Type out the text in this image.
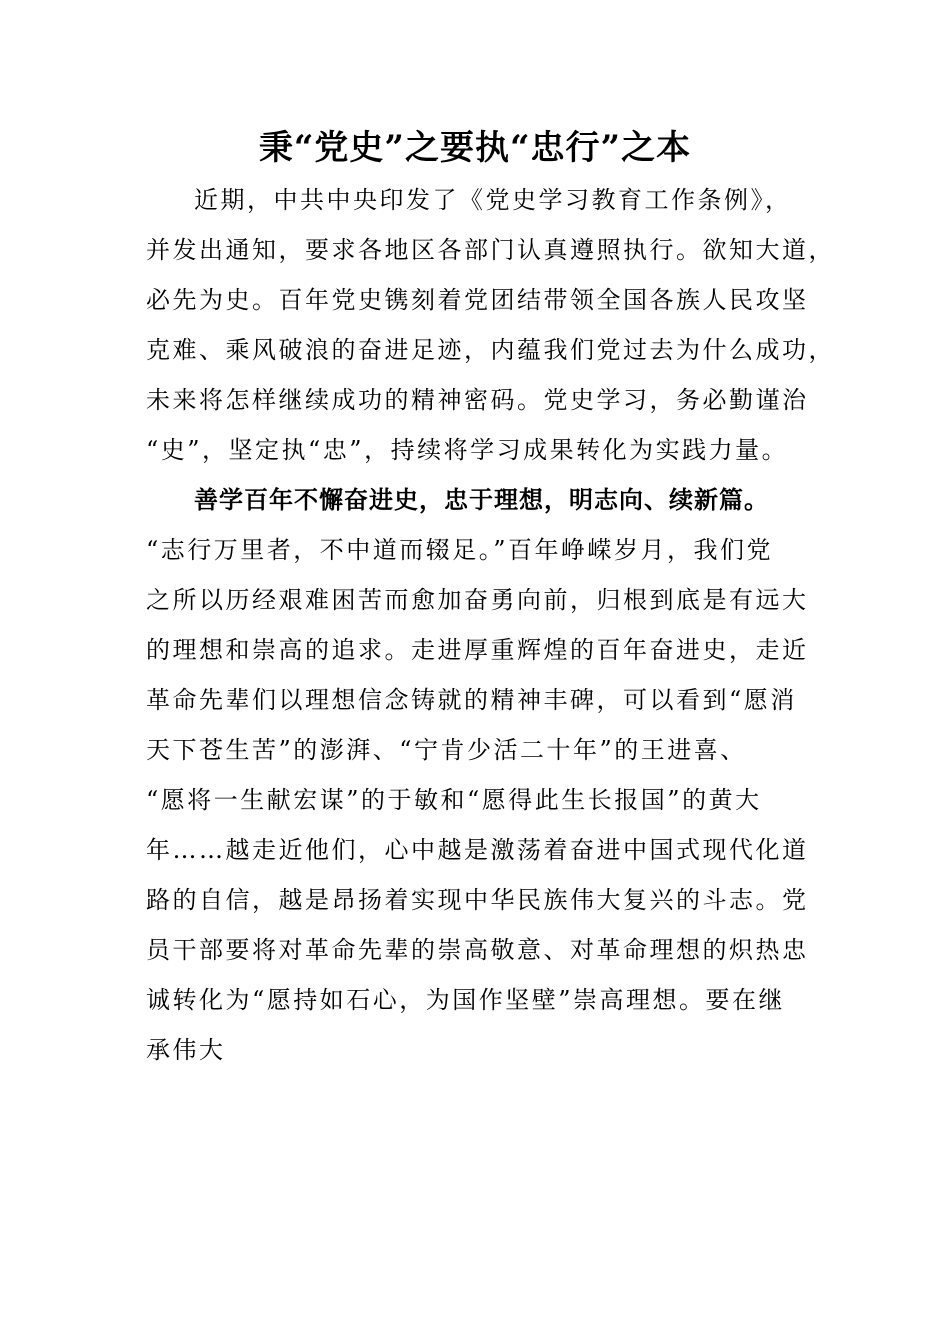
秉“党史”之要执“忠行”之本

近期，中共中央印发了《党史学习教育工作条例》，

并发出通知，要求各地区各部门认真遵照执行。欲知大道，

必先为史。百年党史镌刻着党团结带领全国各族人民攻坚

克难、乘风破浪的奋进足迹，内蕴我们党过去为什么成功，

未来将怎样继续成功的精神密码。党史学习，务必勤谨治

“史”，坚定执“忠”，持续将学习成果转化为实践力量。

善学百年不懈奋进史，忠于理想，明志向、续新篇。

“志行万里者，不中道而辍足。”百年峥嵘岁月，我们党

之所以历经艰难困苦而愈加奋勇向前，归根到底是有远大

的理想和崇高的追求。走进厚重辉煌的百年奋进史，走近

革命先辈们以理想信念铸就的精神丰碑，可以看到“愿消

天下苍生苦”的澎湃、“宁肯少活二十年”的王进喜、

“愿将一生献宏谋”的于敏和“愿得此生长报国”的黄大

年……越走近他们，心中越是激荡着奋进中国式现代化道

路的自信，越是昂扬着实现中华民族伟大复兴的斗志。党

员干部要将对革命先辈的崇高敬意、对革命理想的炽热忠

诚转化为“愿持如石心，为国作坚壁”崇高理想。要在继

承伟大
